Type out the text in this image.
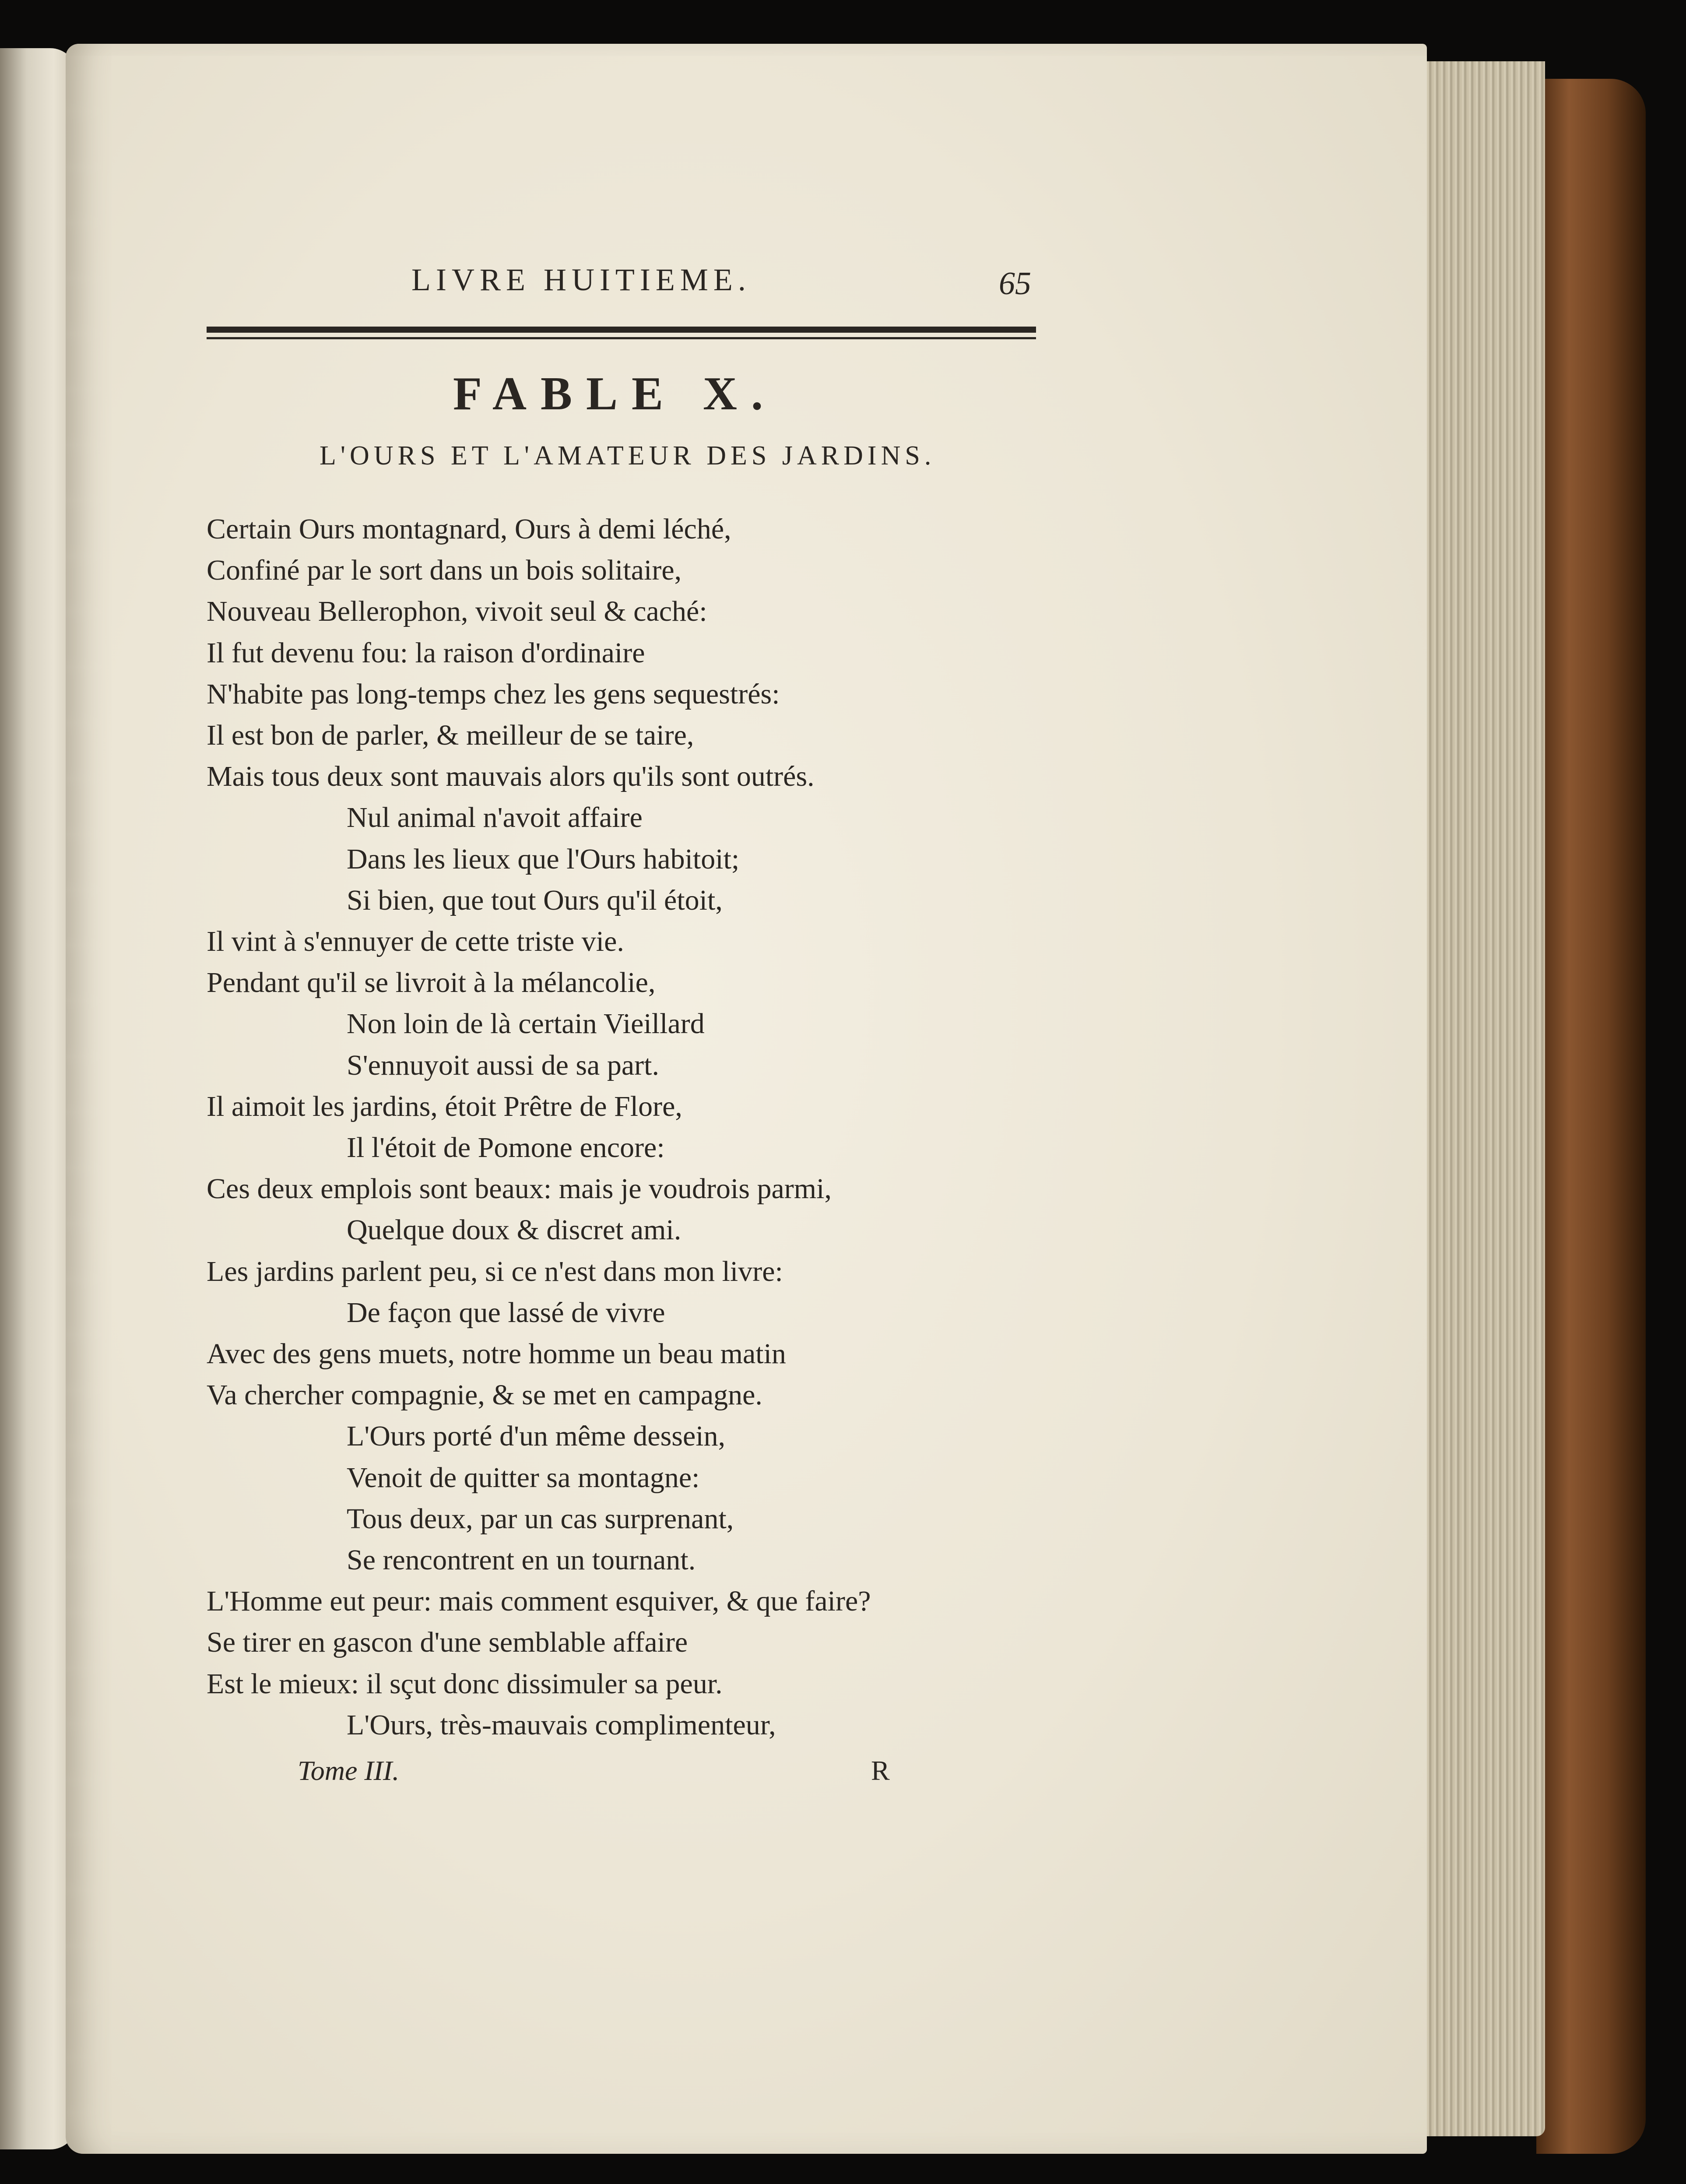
LIVRE HUITIEME.	65
FABLE X.
L'OURS ET L'AMATEUR DES JARDINS.
Certain Ours montagnard, Ours à demi léché,
Confiné par le sort dans un bois solitaire,
Nouveau Bellerophon, vivoit seul & caché:
Il fut devenu fou: la raison d'ordinaire
N'habite pas long-temps chez les gens sequestrés:
Il est bon de parler, & meilleur de se taire,
Mais tous deux sont mauvais alors qu'ils sont outrés.
Nul animal n'avoit affaire
Dans les lieux que l'Ours habitoit;
Si bien, que tout Ours qu'il étoit,
Il vint à s'ennuyer de cette triste vie.
Pendant qu'il se livroit à la mélancolie,
Non loin de là certain Vieillard
S'ennuyoit aussi de sa part.
Il aimoit les jardins, étoit Prêtre de Flore,
Il l'étoit de Pomone encore:
Ces deux emplois sont beaux: mais je voudrois parmi,
Quelque doux & discret ami.
Les jardins parlent peu, si ce n'est dans mon livre:
De façon que lassé de vivre
Avec des gens muets, notre homme un beau matin
Va chercher compagnie, & se met en campagne.
L'Ours porté d'un même dessein,
Venoit de quitter sa montagne:
Tous deux, par un cas surprenant,
Se rencontrent en un tournant.
L'Homme eut peur: mais comment esquiver, & que faire?
Se tirer en gascon d'une semblable affaire
Est le mieux: il sçut donc dissimuler sa peur.
L'Ours, très-mauvais complimenteur,
Tome III.	R
